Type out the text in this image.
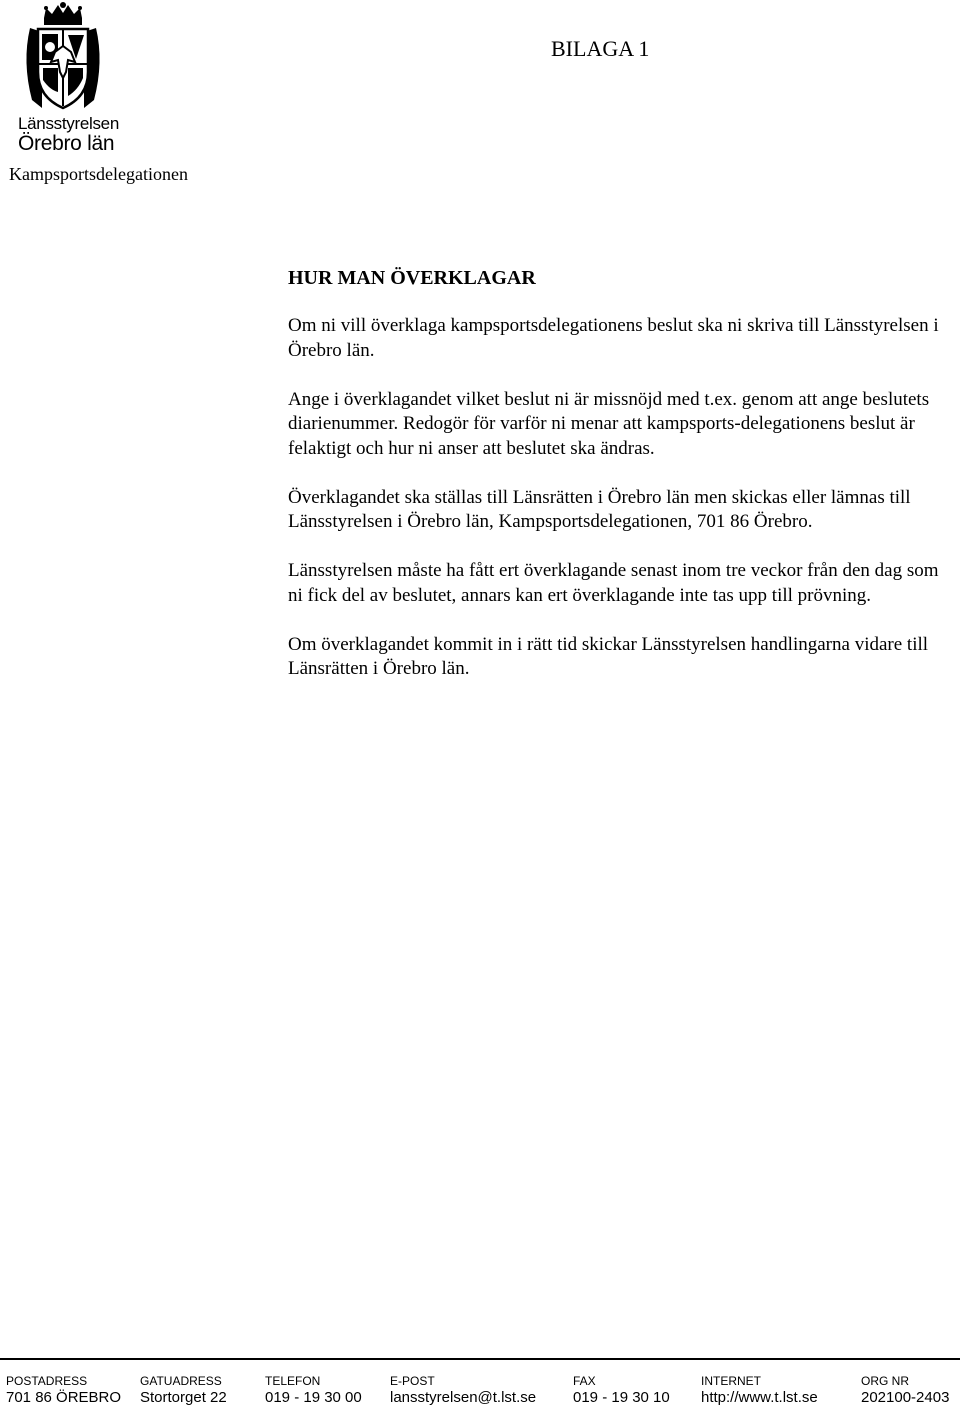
Länsstyrelsen
Örebro län
BILAGA 1
Kampsportsdelegationen
HUR MAN ÖVERKLAGAR

Om ni vill överklaga kampsportsdelegationens beslut ska ni skriva till Länsstyrelsen i Örebro län.

Ange i överklagandet vilket beslut ni är missnöjd med t.ex. genom att ange beslutets diarienummer. Redogör för varför ni menar att kampsports-delegationens beslut är felaktigt och hur ni anser att beslutet ska ändras.

Överklagandet ska ställas till Länsrätten i Örebro län men skickas eller lämnas till Länsstyrelsen i Örebro län, Kampsportsdelegationen, 701 86 Örebro.

Länsstyrelsen måste ha fått ert överklagande senast inom tre veckor från den dag som ni fick del av beslutet, annars kan ert överklagande inte tas upp till prövning.

Om överklagandet kommit in i rätt tid skickar Länsstyrelsen handlingarna vidare till Länsrätten i Örebro län.

POSTADRESS
701 86 ÖREBRO
GATUADRESS
Stortorget 22
TELEFON
019 - 19 30 00
E-POST
lansstyrelsen@t.lst.se
FAX
019 - 19 30 10
INTERNET
http://www.t.lst.se
ORG NR
202100-2403
